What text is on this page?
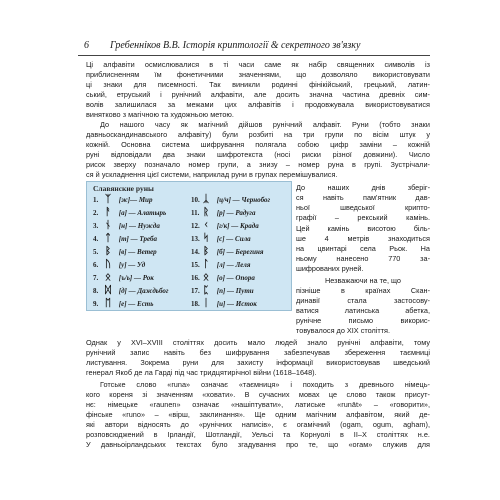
6 Гребенніков В.В. Історія криптології & секретного зв'язку
Ці алфавіти осмислювалися в ті часи саме як набір священних символів із
приблисненням їм фонетичними значеннями, що дозволяло використовувати
ці знаки для писемності. Так виникли родинні фінікійський, грецький, латин-
ський, етруський і рунічний алфавіти, але досить значна частина древніх сим-
волів залишилася за межами цих алфавітів і продовжувала використовуватися
винятково з магічною та художньою метою.
До нашого часу як магічний дійшов рунічний алфавіт. Руни (тобто знаки
давньоскандинавського алфавіту) були розбиті на три групи по вісім штук у
кожній. Основна система шифрування полягала собою цифр заміни – кожній
руні відповідали два знаки шифротекста (носі риски різної довжини). Число
рисок зверху позначало номер групи, а знизу – номер руна в групі. Зустрічали-
ся й ускладнення цієї системи, наприклад руни в групах перемішувалися.
Славянские руны
1. ᛉ [ж]— Мир
2. ᚨ [а] — Алатырь
3. ᚾ [н] — Нужда
4. ᛏ [т] — Треба
5. ᛒ [в] — Ветер
6. ᚢ [у] — Уд
7. ᛟ [ъ/ь] — Рок
8. ᛞ [д] — Даждьбог
9. ᛖ [е] — Есть
10. ᛣ [ц/ч] — Чернобог
11. ᚱ [р] — Радуга
12. ᚲ [г/к] — Крада
13. ᛋ [с] — Сила
14. ᛒ [б] — Берегиня
15. ᛚ [л] — Леля
16. ᛟ [о] — Опора
17. ᛈ [п] — Пути
18. ᛁ [и] — Исток
До наших днів зберіг-
ся навіть пам'ятник дав-
ньої шведської крипто-
графії – рекський камінь.
Цей камінь висотою біль-
ше 4 метрів знаходиться
на цвинтарі села Рьок. На
ньому нанесено 770 за-
шифрованих руней.
Незважаючи на те, що
пізніше в країнах Скан-
динавії стала застосову-
ватися латинська абетка,
рунічне письмо викорис-
товувалося до XIX століття.
Однак у XVI–XVIII століттях досить мало людей знало рунічні алфавіти, тому
рунічний запис навіть без шифрування забезпечував збереження таємниці
листування. Зокрема руни для захисту інформації використовував шведський
генерал Якоб де ла Гарді під час тридцятирічної війни (1618–1648).
Готське слово «runa» означає «таємниця» і походить з древнього німець-
кого кореня зі значенням «ховати». В сучасних мовах це слово також присут-
нє: німецьке «raunen» означає «нашіптувати», латиське «runāt» – «говорити»,
фінське «runo» – «вірш, заклинання». Ще одним магічним алфавітом, який де-
які автори відносять до «рунічних написів», є огамічний (ogam, ogum, agham),
розповсюджений в Ірландії, Шотландії, Уельсі та Корнуолі в ІІ–Х століттях н.е.
У давньоірландських текстах було згадування про те, що «огам» служив для
